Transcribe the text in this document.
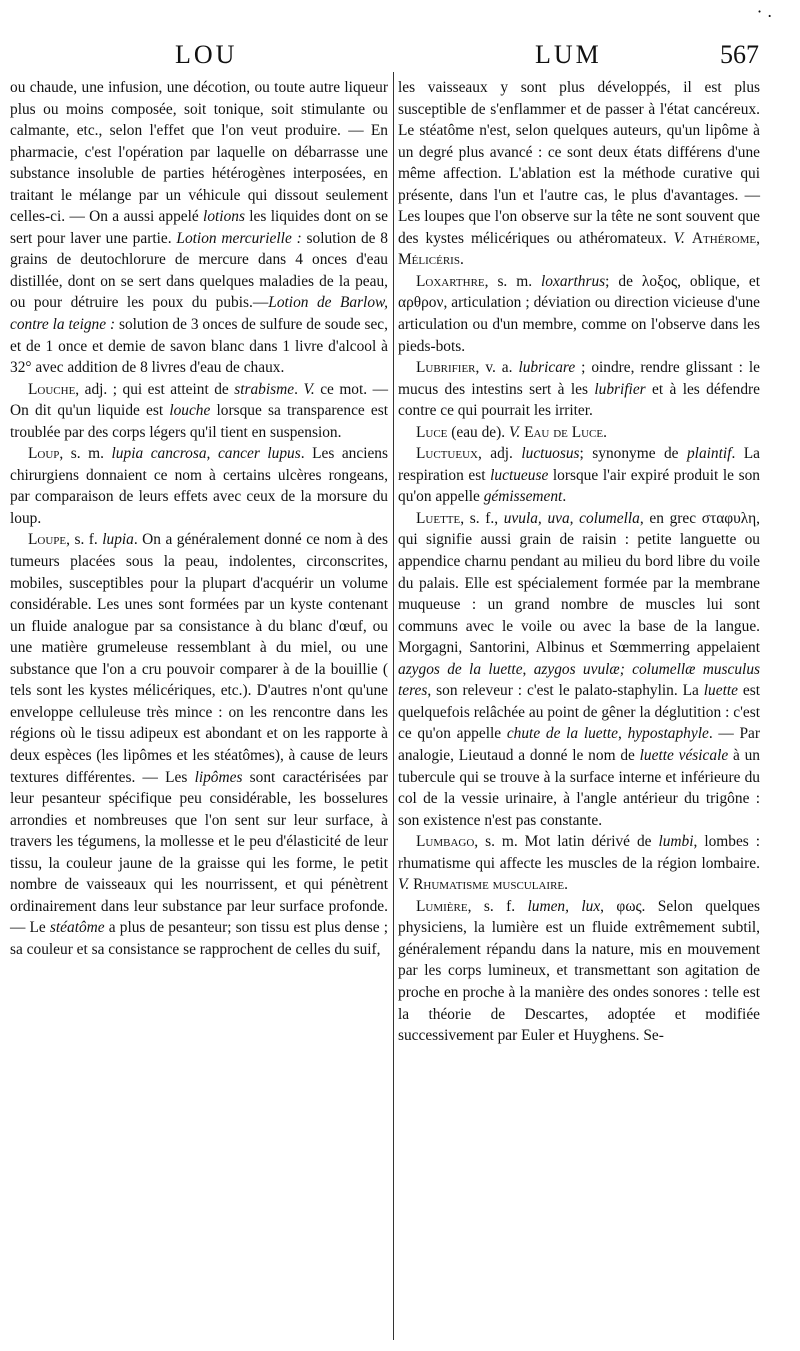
· .
LOU	LUM	567

ou chaude, une infusion, une décotion, ou toute autre liqueur plus ou moins composée, soit tonique, soit stimulante ou calmante, etc., selon l'effet que l'on veut produire. — En pharmacie, c'est l'opération par laquelle on débarrasse une substance insoluble de parties hétérogènes interposées, en traitant le mélange par un véhicule qui dissout seulement celles-ci. — On a aussi appelé lotions les liquides dont on se sert pour laver une partie. Lotion mercurielle : solution de 8 grains de deutochlorure de mercure dans 4 onces d'eau distillée, dont on se sert dans quelques maladies de la peau, ou pour détruire les poux du pubis.—Lotion de Barlow, contre la teigne : solution de 3 onces de sulfure de soude sec, et de 1 once et demie de savon blanc dans 1 livre d'alcool à 32° avec addition de 8 livres d'eau de chaux.

Louche, adj. ; qui est atteint de strabisme. V. ce mot. — On dit qu'un liquide est louche lorsque sa transparence est troublée par des corps légers qu'il tient en suspension.

Loup, s. m. lupia cancrosa, cancer lupus. Les anciens chirurgiens donnaient ce nom à certains ulcères rongeans, par comparaison de leurs effets avec ceux de la morsure du loup.

Loupe, s. f. lupia. On a généralement donné ce nom à des tumeurs placées sous la peau, indolentes, circonscrites, mobiles, susceptibles pour la plupart d'acquérir un volume considérable. Les unes sont formées par un kyste contenant un fluide analogue par sa consistance à du blanc d'œuf, ou une matière grumeleuse ressemblant à du miel, ou une substance que l'on a cru pouvoir comparer à de la bouillie ( tels sont les kystes mélicériques, etc.). D'autres n'ont qu'une enveloppe celluleuse très mince : on les rencontre dans les régions où le tissu adipeux est abondant et on les rapporte à deux espèces (les lipômes et les stéatômes), à cause de leurs textures différentes. — Les lipômes sont caractérisées par leur pesanteur spécifique peu considérable, les bosselures arrondies et nombreuses que l'on sent sur leur surface, à travers les tégumens, la mollesse et le peu d'élasticité de leur tissu, la couleur jaune de la graisse qui les forme, le petit nombre de vaisseaux qui les nourrissent, et qui pénètrent ordinairement dans leur substance par leur surface profonde. — Le stéatôme a plus de pesanteur; son tissu est plus dense ; sa couleur et sa consistance se rapprochent de celles du suif,

les vaisseaux y sont plus développés, il est plus susceptible de s'enflammer et de passer à l'état cancéreux. Le stéatôme n'est, selon quelques auteurs, qu'un lipôme à un degré plus avancé : ce sont deux états différens d'une même affection. L'ablation est la méthode curative qui présente, dans l'un et l'autre cas, le plus d'avantages. — Les loupes que l'on observe sur la tête ne sont souvent que des kystes mélicériques ou athéromateux. V. Athérome, Mélicéris.

Loxarthre, s. m. loxarthrus; de λοξος, oblique, et αρθρον, articulation ; déviation ou direction vicieuse d'une articulation ou d'un membre, comme on l'observe dans les pieds-bots.

Lubrifier, v. a. lubricare ; oindre, rendre glissant : le mucus des intestins sert à les lubrifier et à les défendre contre ce qui pourrait les irriter.

Luce (eau de). V. Eau de Luce.

Luctueux, adj. luctuosus; synonyme de plaintif. La respiration est luctueuse lorsque l'air expiré produit le son qu'on appelle gémissement.

Luette, s. f., uvula, uva, columella, en grec σταφυλη, qui signifie aussi grain de raisin : petite languette ou appendice charnu pendant au milieu du bord libre du voile du palais. Elle est spécialement formée par la membrane muqueuse : un grand nombre de muscles lui sont communs avec le voile ou avec la base de la langue. Morgagni, Santorini, Albinus et Sœmmerring appelaient azygos de la luette, azygos uvulæ; columellæ musculus teres, son releveur : c'est le palato-staphylin. La luette est quelquefois relâchée au point de gêner la déglutition : c'est ce qu'on appelle chute de la luette, hypostaphyle. — Par analogie, Lieutaud a donné le nom de luette vésicale à un tubercule qui se trouve à la surface interne et inférieure du col de la vessie urinaire, à l'angle antérieur du trigône : son existence n'est pas constante.

Lumbago, s. m. Mot latin dérivé de lumbi, lombes : rhumatisme qui affecte les muscles de la région lombaire. V. Rhumatisme musculaire.

Lumière, s. f. lumen, lux, φως. Selon quelques physiciens, la lumière est un fluide extrêmement subtil, généralement répandu dans la nature, mis en mouvement par les corps lumineux, et transmettant son agitation de proche en proche à la manière des ondes sonores : telle est la théorie de Descartes, adoptée et modifiée successivement par Euler et Huyghens. Se-
